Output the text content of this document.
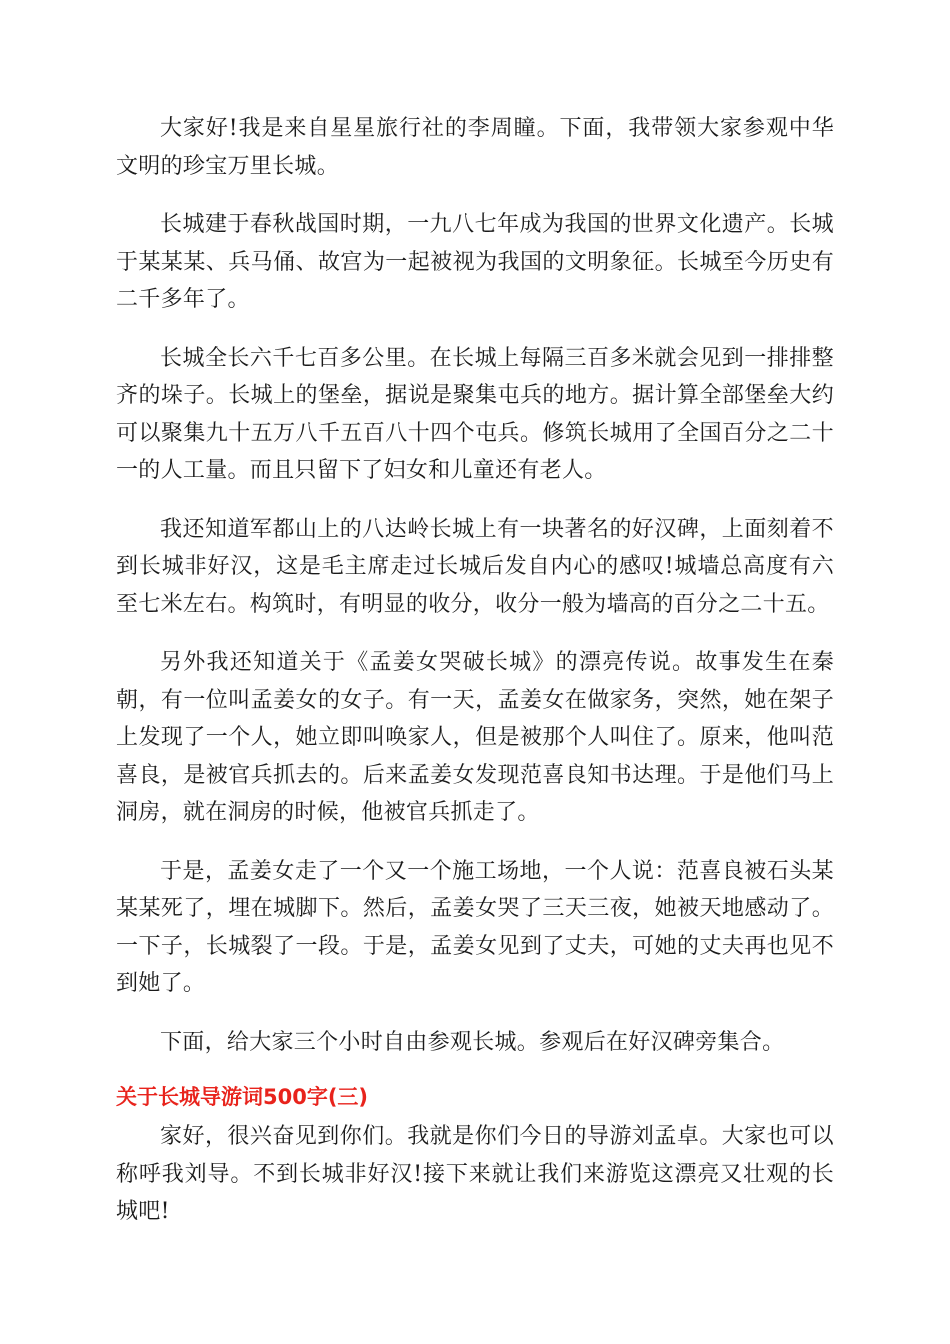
大家好!我是来自星星旅行社的李周瞳。下面，我带领大家参观中华文明的珍宝万里长城。

长城建于春秋战国时期，一九八七年成为我国的世界文化遗产。长城于某某某、兵马俑、故宫为一起被视为我国的文明象征。长城至今历史有二千多年了。

长城全长六千七百多公里。在长城上每隔三百多米就会见到一排排整齐的垛子。长城上的堡垒，据说是聚集屯兵的地方。据计算全部堡垒大约可以聚集九十五万八千五百八十四个屯兵。修筑长城用了全国百分之二十一的人工量。而且只留下了妇女和儿童还有老人。

我还知道军都山上的八达岭长城上有一块著名的好汉碑，上面刻着不到长城非好汉，这是毛主席走过长城后发自内心的感叹!城墙总高度有六至七米左右。构筑时，有明显的收分，收分一般为墙高的百分之二十五。

另外我还知道关于《孟姜女哭破长城》的漂亮传说。故事发生在秦朝，有一位叫孟姜女的女子。有一天，孟姜女在做家务，突然，她在架子上发现了一个人，她立即叫唤家人，但是被那个人叫住了。原来，他叫范喜良，是被官兵抓去的。后来孟姜女发现范喜良知书达理。于是他们马上洞房，就在洞房的时候，他被官兵抓走了。

于是，孟姜女走了一个又一个施工场地，一个人说：范喜良被石头某某某死了，埋在城脚下。然后，孟姜女哭了三天三夜，她被天地感动了。一下子，长城裂了一段。于是，孟姜女见到了丈夫，可她的丈夫再也见不到她了。

下面，给大家三个小时自由参观长城。参观后在好汉碑旁集合。

关于长城导游词500字(三)

家好，很兴奋见到你们。我就是你们今日的导游刘孟卓。大家也可以称呼我刘导。不到长城非好汉!接下来就让我们来游览这漂亮又壮观的长城吧!
